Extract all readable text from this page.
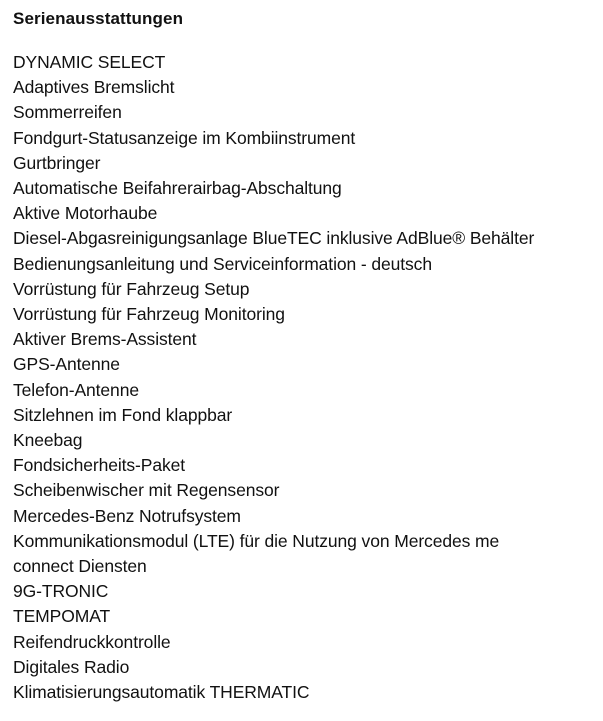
Serienausstattungen
DYNAMIC SELECT
Adaptives Bremslicht
Sommerreifen
Fondgurt-Statusanzeige im Kombiinstrument
Gurtbringer
Automatische Beifahrerairbag-Abschaltung
Aktive Motorhaube
Diesel-Abgasreinigungsanlage BlueTEC inklusive AdBlue® Behälter
Bedienungsanleitung und Serviceinformation - deutsch
Vorrüstung für Fahrzeug Setup
Vorrüstung für Fahrzeug Monitoring
Aktiver Brems-Assistent
GPS-Antenne
Telefon-Antenne
Sitzlehnen im Fond klappbar
Kneebag
Fondsicherheits-Paket
Scheibenwischer mit Regensensor
Mercedes-Benz Notrufsystem
Kommunikationsmodul (LTE) für die Nutzung von Mercedes me
connect Diensten
9G-TRONIC
TEMPOMAT
Reifendruckkontrolle
Digitales Radio
Klimatisierungsautomatik THERMATIC
